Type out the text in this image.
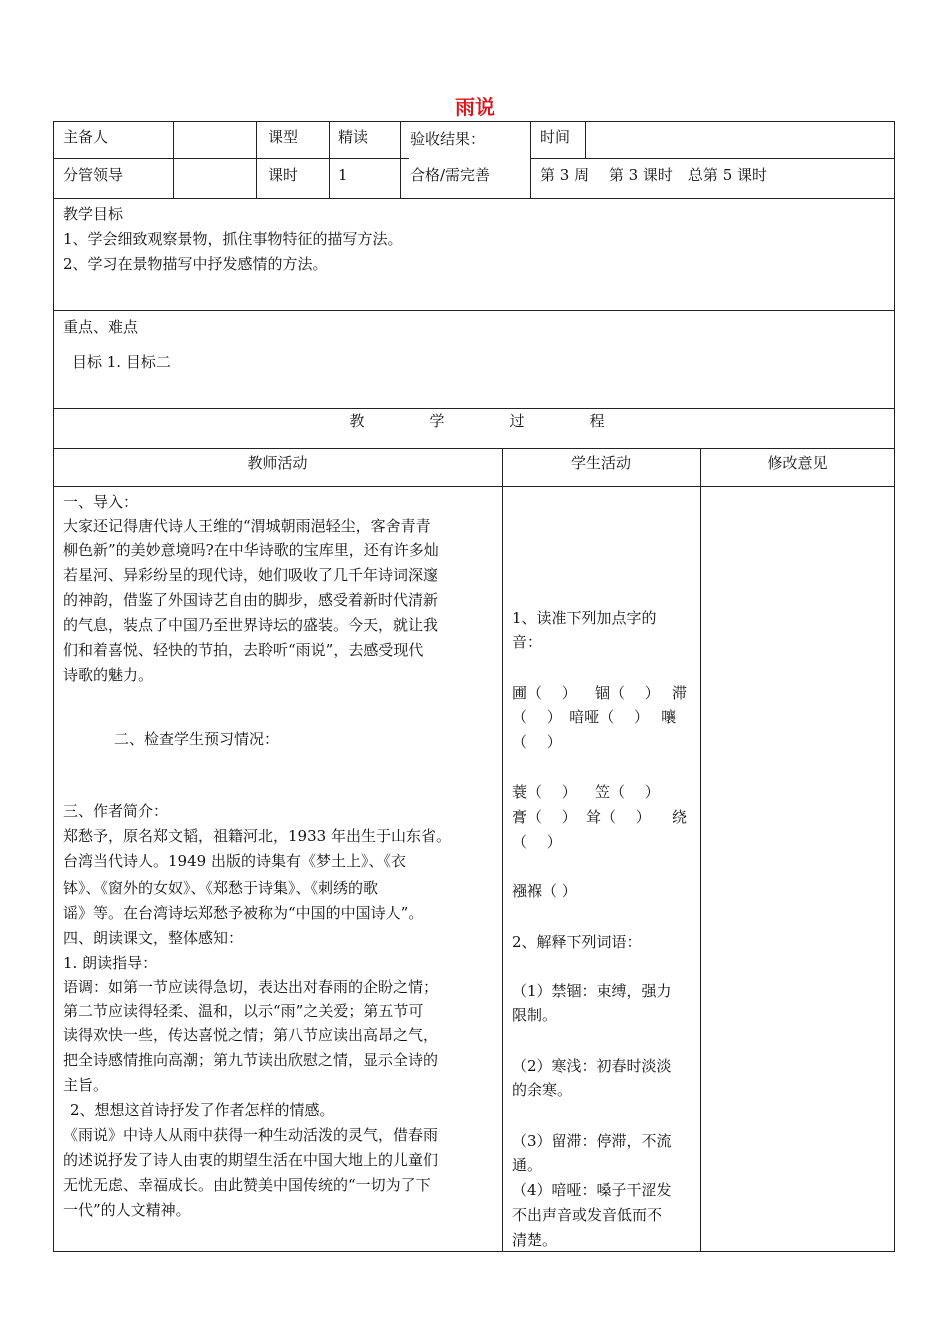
雨说
主备人	课型	精读	验收结果：	时间
分管领导	课时	1	合格/需完善	第 3 周　 第 3 课时　总第 5 课时
教学目标
1、学会细致观察景物，抓住事物特征的描写方法。
2、学习在景物描写中抒发感情的方法。
重点、难点
目标 1. 目标二
教	学	过	程
教师活动	学生活动	修改意见
一、导入：
大家还记得唐代诗人王维的“渭城朝雨浥轻尘，客舍青青
柳色新”的美妙意境吗?在中华诗歌的宝库里，还有许多灿
若星河、异彩纷呈的现代诗，她们吸收了几千年诗词深邃
的神韵，借鉴了外国诗艺自由的脚步，感受着新时代清新
的气息，装点了中国乃至世界诗坛的盛装。今天，就让我
们和着喜悦、轻快的节拍，去聆听“雨说”，去感受现代
诗歌的魅力。
二、检查学生预习情况：
三、作者简介：
郑愁予，原名郑文韬，祖籍河北，1933 年出生于山东省。
台湾当代诗人。1949 出版的诗集有《梦土上》、《衣
钵》、《窗外的女奴》、《郑愁于诗集》、《刺绣的歌
谣》等。在台湾诗坛郑愁予被称为“中国的中国诗人”。
四、朗读课文，整体感知：
1. 朗读指导：
语调：如第一节应读得急切，表达出对春雨的企盼之情；
第二节应读得轻柔、温和，以示“雨”之关爱；第五节可
读得欢快一些，传达喜悦之情；第八节应读出高昂之气，
把全诗感情推向高潮；第九节读出欣慰之情，显示全诗的
主旨。
2、想想这首诗抒发了作者怎样的情感。
《雨说》中诗人从雨中获得一种生动活泼的灵气，借春雨
的述说抒发了诗人由衷的期望生活在中国大地上的儿童们
无忧无虑、幸福成长。由此赞美中国传统的“一切为了下
一代”的人文精神。
1、读准下列加点字的
音：
圃（　 ） 锢（　 ） 滞
（　 ）　喑哑（　 ）　 嚷
（　 ）
蓑（　 ） 笠（　 ）
膏（　 ） 耸（　 ） 绕
（　 ）
襁褓（ ）
2、解释下列词语：
（1）禁锢：束缚，强力
限制。
（2）寒浅：初春时淡淡
的余寒。
（3）留滞：停滞，不流
通。
（4）喑哑：嗓子干涩发
不出声音或发音低而不
清楚。
